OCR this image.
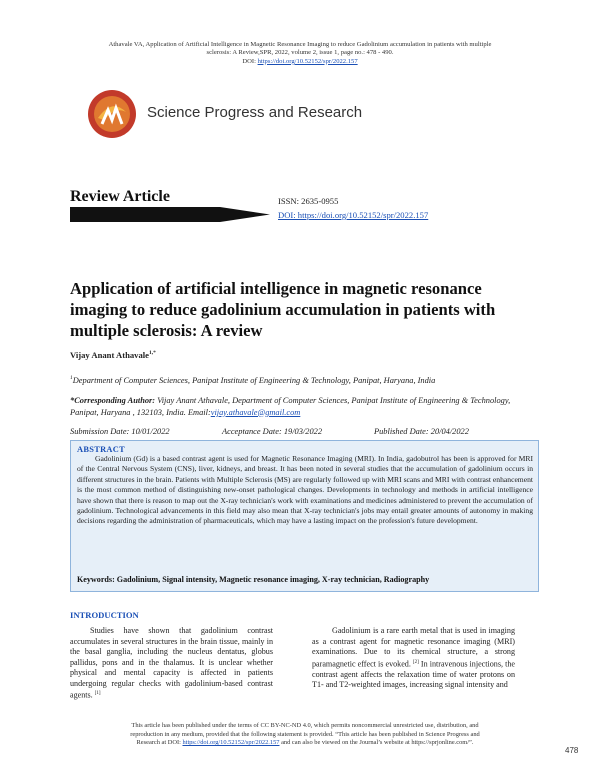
Athavale VA, Application of Artificial Intelligence in Magnetic Resonance Imaging to reduce Gadolinium accumulation in patients with multiple
sclerosis: A Review,SPR, 2022, volume 2, issue 1, page no.: 478 - 490.
DOI: https://doi.org/10.52152/spr/2022.157
Science Progress and Research
Review Article	ISSN: 2635-0955
DOI: https://doi.org/10.52152/spr/2022.157
Application of artificial intelligence in magnetic resonance imaging to reduce gadolinium accumulation in patients with multiple sclerosis: A review
Vijay Anant Athavale$^{1,*}$
$^1$Department of Computer Sciences, Panipat Institute of Engineering & Technology, Panipat, Haryana, India
*Corresponding Author: Vijay Anant Athavale, Department of Computer Sciences, Panipat Institute of Engineering & Technology, Panipat, Haryana , 132103, India. Email:vijay.athavale@gmail.com
Submission Date: 10/01/2022	Acceptance Date: 19/03/2022	Published Date: 20/04/2022
ABSTRACT
Gadolinium (Gd) is a based contrast agent is used for Magnetic Resonance Imaging (MRI). In India, gadobutrol has been is approved for MRI of the Central Nervous System (CNS), liver, kidneys, and breast. It has been noted in several studies that the accumulation of gadolinium occurs in different structures in the brain. Patients with Multiple Sclerosis (MS) are regularly followed up with MRI scans and MRI with contrast enhancement is the most common method of distinguishing new-onset pathological changes. Developments in technology and methods in artificial intelligence have shown that there is reason to map out the X-ray technician's work with examinations and medicines administered to prevent the accumulation of gadolinium. Technological advancements in this field may also mean that X-ray technician's jobs may entail greater amounts of autonomy in making decisions regarding the administration of pharmaceuticals, which may have a lasting impact on the profession's future development.
Keywords: Gadolinium, Signal intensity, Magnetic resonance imaging, X-ray technician, Radiography
INTRODUCTION
Studies have shown that gadolinium contrast accumulates in several structures in the brain tissue, mainly in the basal ganglia, including the nucleus dentatus, globus pallidus, pons and in the thalamus. It is unclear whether physical and mental capacity is affected in patients undergoing regular checks with gadolinium-based contrast agents. [1]
Gadolinium is a rare earth metal that is used in imaging as a contrast agent for magnetic resonance imaging (MRI) examinations. Due to its chemical structure, a strong paramagnetic effect is evoked. [2] In intravenous injections, the contrast agent affects the relaxation time of water protons on T1- and T2-weighted images, increasing signal intensity and
This article has been published under the terms of CC BY-NC-ND 4.0, which permits noncommercial unrestricted use, distribution, and
reproduction in any medium, provided that the following statement is provided. “This article has been published in Science Progress and
Research at DOI: https://doi.org/10.52152/spr/2022.157 and can also be viewed on the Journal’s website at https://sprjonline.com/”.
478
